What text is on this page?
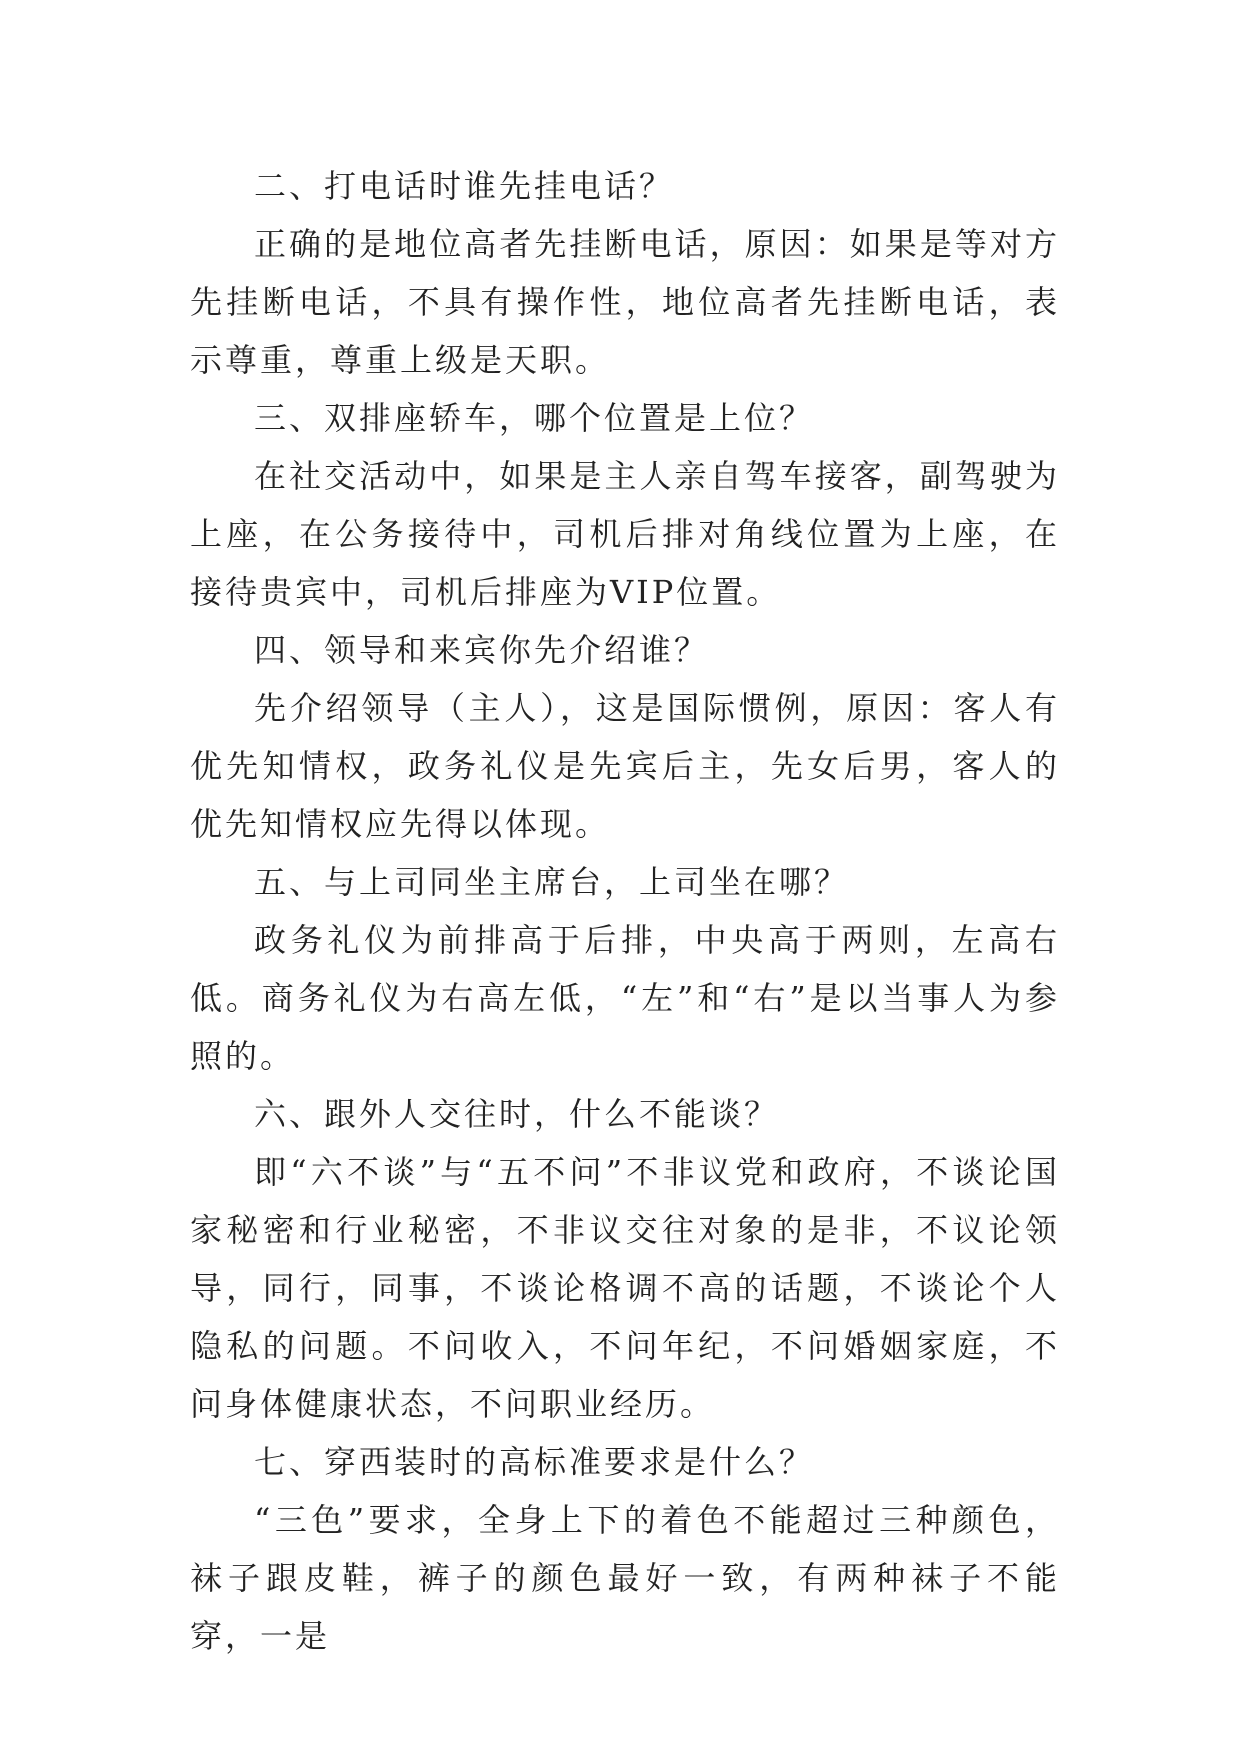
二、打电话时谁先挂电话？

正确的是地位高者先挂断电话，原因：如果是等对方先挂断电话，不具有操作性，地位高者先挂断电话，表示尊重，尊重上级是天职。

三、双排座轿车，哪个位置是上位？

在社交活动中，如果是主人亲自驾车接客，副驾驶为上座，在公务接待中，司机后排对角线位置为上座，在接待贵宾中，司机后排座为VIP位置。

四、领导和来宾你先介绍谁？

先介绍领导（主人），这是国际惯例，原因：客人有优先知情权，政务礼仪是先宾后主，先女后男，客人的优先知情权应先得以体现。

五、与上司同坐主席台，上司坐在哪？

政务礼仪为前排高于后排，中央高于两则，左高右低。商务礼仪为右高左低，“左”和“右”是以当事人为参照的。

六、跟外人交往时，什么不能谈？

即“六不谈”与“五不问”不非议党和政府，不谈论国家秘密和行业秘密，不非议交往对象的是非，不议论领导，同行，同事，不谈论格调不高的话题，不谈论个人隐私的问题。不问收入，不问年纪，不问婚姻家庭，不问身体健康状态，不问职业经历。

七、穿西装时的高标准要求是什么？

“三色”要求，全身上下的着色不能超过三种颜色，袜子跟皮鞋，裤子的颜色最好一致，有两种袜子不能穿，一是
